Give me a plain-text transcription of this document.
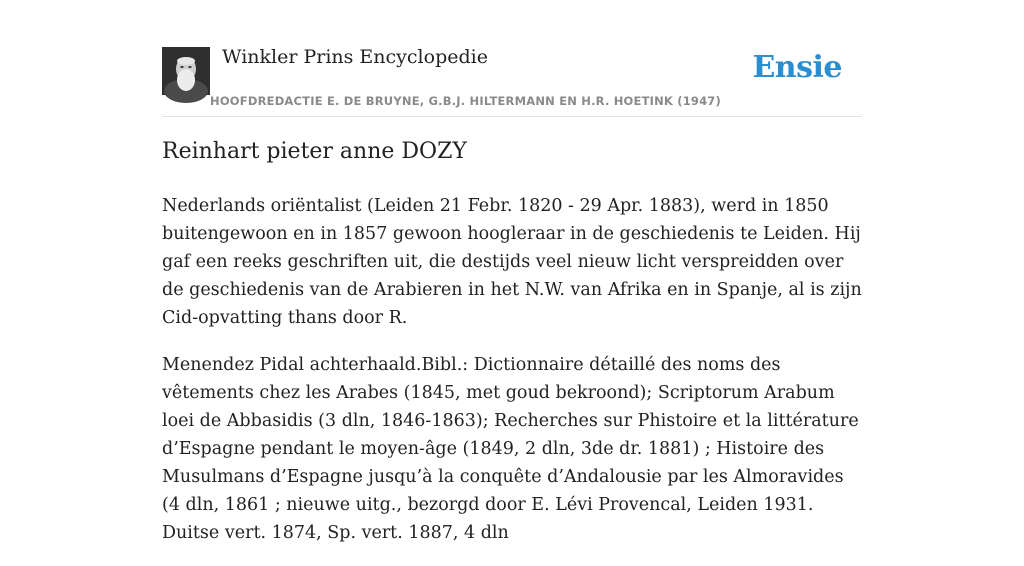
Winkler Prins Encyclopedie
HOOFDREDACTIE E. DE BRUYNE, G.B.J. HILTERMANN EN H.R. HOETINK (1947)
Ensie
Reinhart pieter anne DOZY

Nederlands oriëntalist (Leiden 21 Febr. 1820 - 29 Apr. 1883), werd in 1850 buitengewoon en in 1857 gewoon hoogleraar in de geschiedenis te Leiden. Hij gaf een reeks geschriften uit, die destijds veel nieuw licht verspreidden over de geschiedenis van de Arabieren in het N.W. van Afrika en in Spanje, al is zijn Cid-opvatting thans door R.

Menendez Pidal achterhaald.Bibl.: Dictionnaire détaillé des noms des vêtements chez les Arabes (1845, met goud bekroond); Scriptorum Arabum loei de Abbasidis (3 dln, 1846-1863); Recherches sur Phistoire et la littérature d’Espagne pendant le moyen-âge (1849, 2 dln, 3de dr. 1881) ; Histoire des Musulmans d’Espagne jusqu’à la conquête d’Andalousie par les Almoravides (4 dln, 1861 ; nieuwe uitg., bezorgd door E. Lévi Provencal, Leiden 1931. Duitse vert. 1874, Sp. vert. 1887, 4 dln
